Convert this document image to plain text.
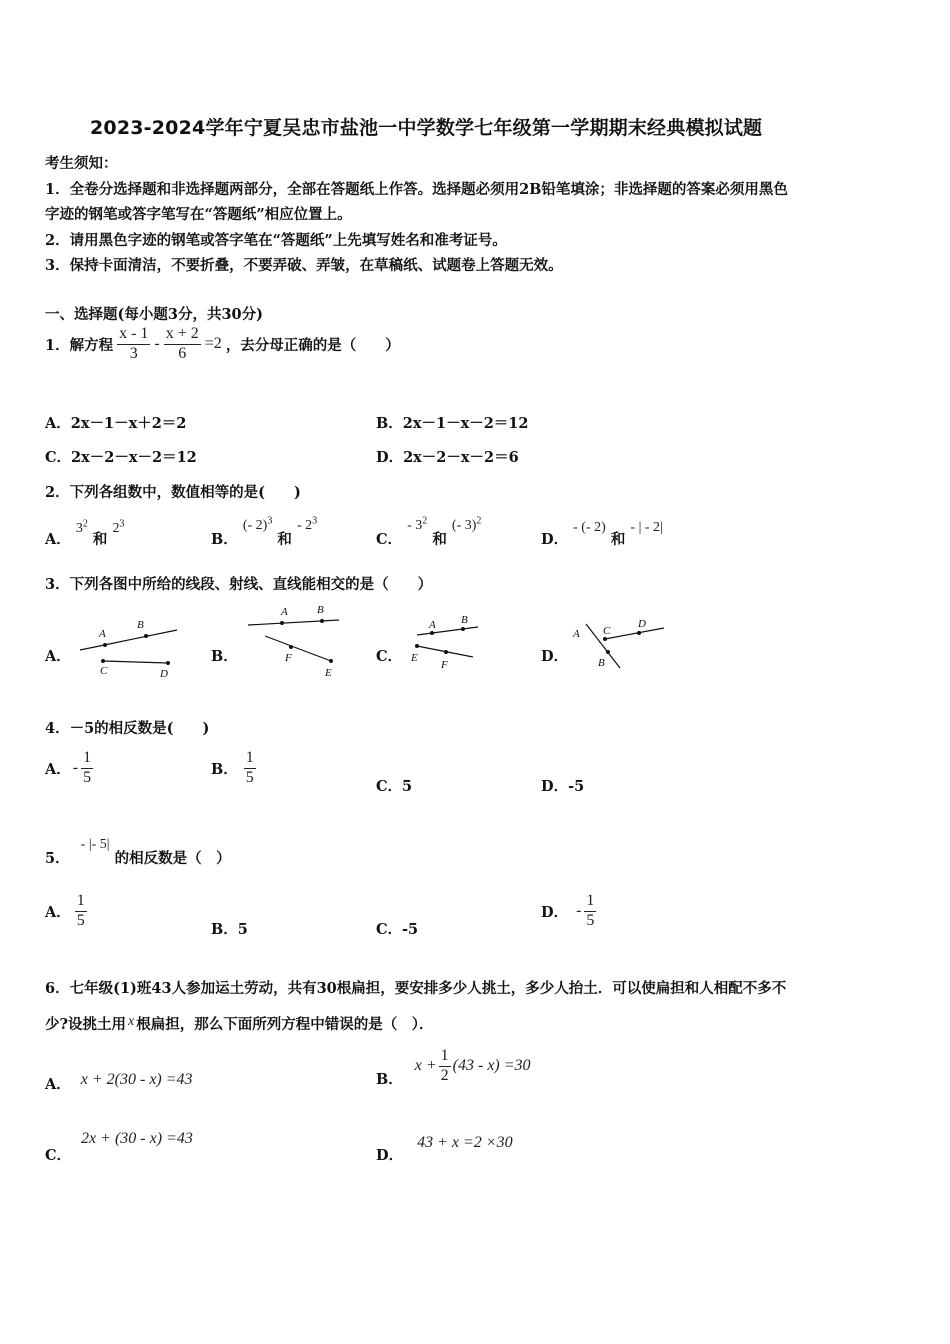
2023-2024学年宁夏吴忠市盐池一中学数学七年级第一学期期末经典模拟试题
考生须知：
1．全卷分选择题和非选择题两部分，全部在答题纸上作答。选择题必须用2B铅笔填涂；非选择题的答案必须用黑色
字迹的钢笔或答字笔写在“答题纸”相应位置上。
2．请用黑色字迹的钢笔或答字笔在“答题纸”上先填写姓名和准考证号。
3．保持卡面清洁，不要折叠，不要弄破、弄皱，在草稿纸、试题卷上答题无效。
一、选择题(每小题3分，共30分)
1．解方程 $\frac{x - 1}{3} - \frac{x + 2}{6} =2$ ，去分母正确的是（　　）
A．2x－1－x＋2＝2	B．2x－1－x－2＝12
C．2x－2－x－2＝12	D．2x－2－x－2＝6
2．下列各组数中，数值相等的是(　　)
A． $3^2$ 和 $2^3$
B． (- 2)$^3$ 和 - $2^3$
C． - $3^2$ 和 (- 3)$^2$
D． - (- 2) 和 - | - 2|
3．下列各图中所给的线段、射线、直线能相交的是（　　）
A．
A
B
C	D
B．
A	B
F
E
C．
A B
E
F	D．
A C
D
B
4．－5的相反数是(　　)
A． - $\frac{1}{5}$	B． $\frac{1}{5}$	C．5	D．-5
5． - |- 5| 的相反数是（　）
A． $\frac{1}{5}$	B．5	C．-5
D． - $\frac{1}{5}$
6．七年级(1)班43人参加运土劳动，共有30根扁担，要安排多少人挑土，多少人抬土．可以使扁担和人相配不多不
少?设挑土用 x 根扁担，那么下面所列方程中错误的是（　）．
A． x + 2(30 - x) =43	B．
$x + \frac{1}{2} (43 - x) =30$
C．
2x + (30 - x) =43
D．
43 + x =2 ×30
